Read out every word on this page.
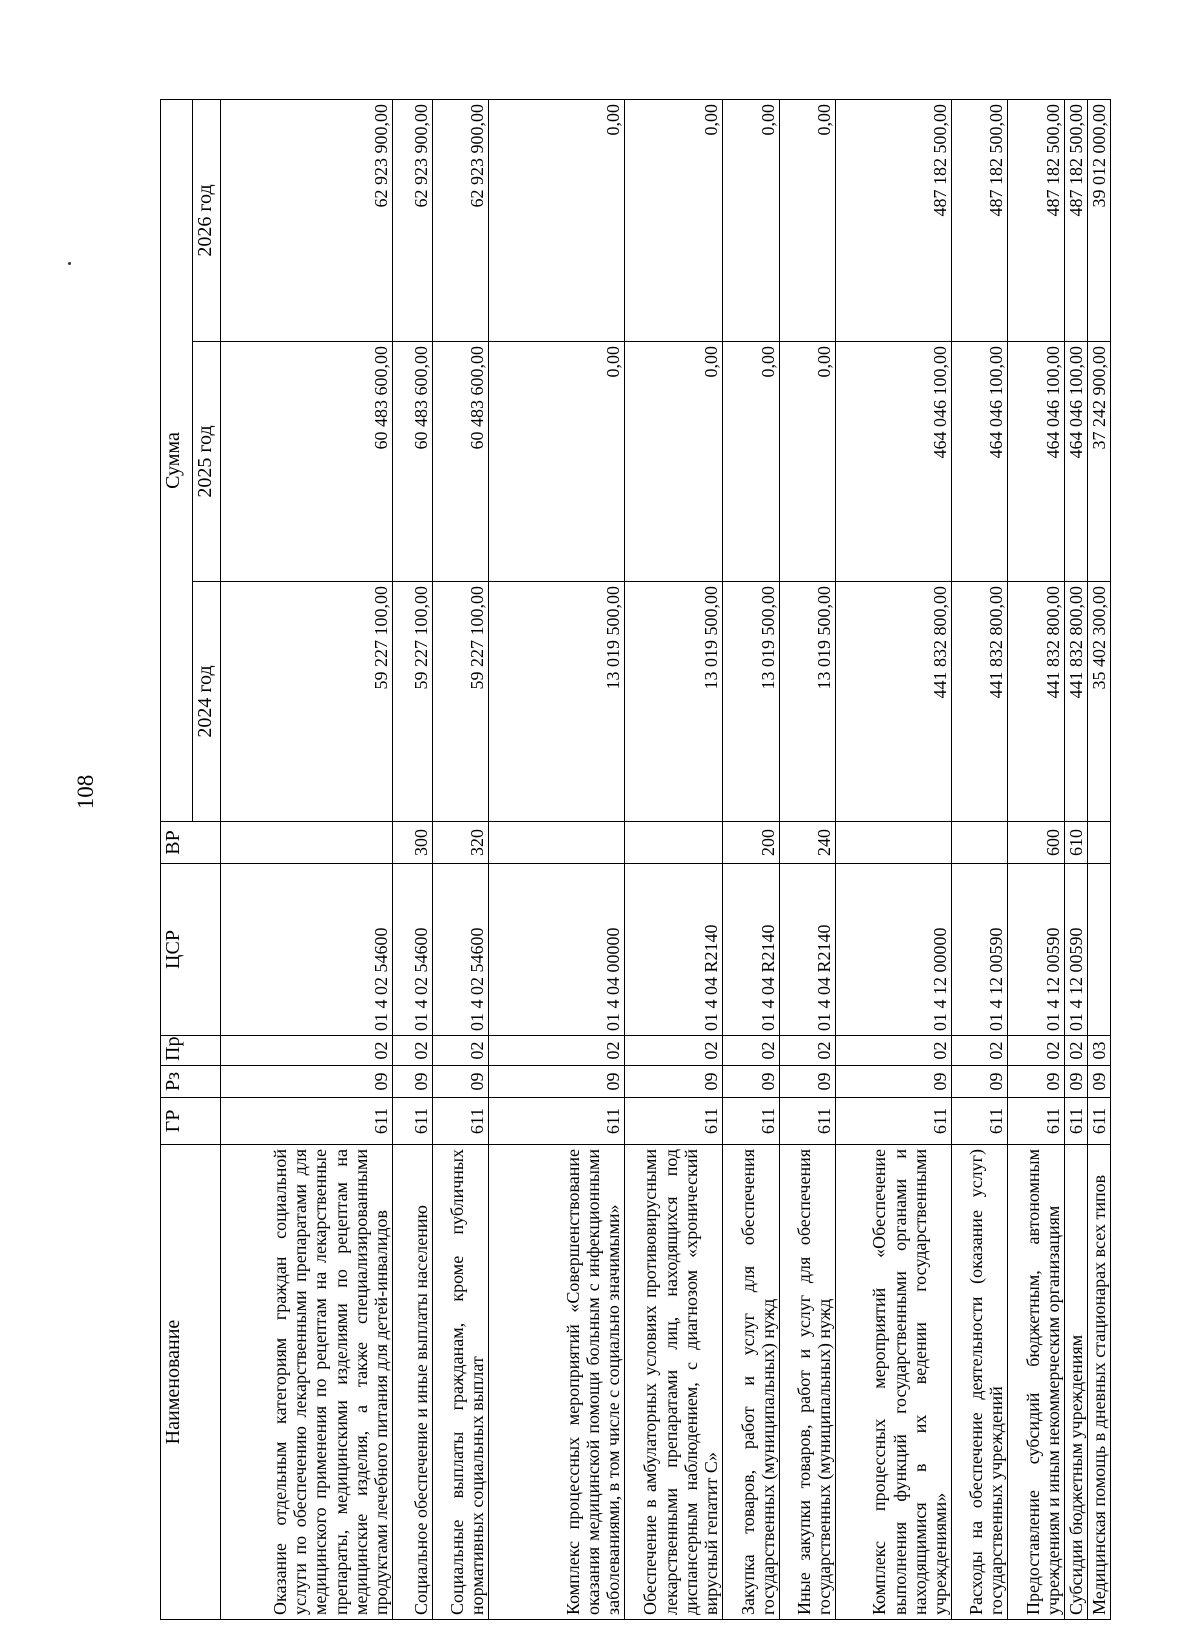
108
Наименование	ГР	Рз	Пр	ЦСР	ВР	Сумма		
						2024 год	2025 год	2026 год
Оказание отдельным категориям граждан социальной услуги по обеспечению лекарственными препаратами для медицинского применения по рецептам на лекарственные препараты, медицинскими изделиями по рецептам на медицинские изделия, а также специализированными продуктами лечебного питания для детей-инвалидов	611	09	02	01 4 02 54600		59 227 100,00	60 483 600,00	62 923 900,00
Социальное обеспечение и иные выплаты населению	611	09	02	01 4 02 54600	300	59 227 100,00	60 483 600,00	62 923 900,00
Социальные выплаты гражданам, кроме публичных нормативных социальных выплат	611	09	02	01 4 02 54600	320	59 227 100,00	60 483 600,00	62 923 900,00
Комплекс процессных мероприятий «Совершенствование оказания медицинской помощи больным с инфекционными заболеваниями, в том числе с социально значимыми»	611	09	02	01 4 04 00000		13 019 500,00	0,00	0,00
Обеспечение в амбулаторных условиях противовирусными лекарственными препаратами лиц, находящихся под диспансерным наблюдением, с диагнозом «хронический вирусный гепатит С»	611	09	02	01 4 04 R2140		13 019 500,00	0,00	0,00
Закупка товаров, работ и услуг для обеспечения государственных (муниципальных) нужд	611	09	02	01 4 04 R2140	200	13 019 500,00	0,00	0,00
Иные закупки товаров, работ и услуг для обеспечения государственных (муниципальных) нужд	611	09	02	01 4 04 R2140	240	13 019 500,00	0,00	0,00
Комплекс процессных мероприятий «Обеспечение выполнения функций государственными органами и находящимися в их ведении государственными учреждениями»	611	09	02	01 4 12 00000		441 832 800,00	464 046 100,00	487 182 500,00
Расходы на обеспечение деятельности (оказание услуг) государственных учреждений	611	09	02	01 4 12 00590		441 832 800,00	464 046 100,00	487 182 500,00
Предоставление субсидий бюджетным, автономным учреждениям и иным некоммерческим организациям	611	09	02	01 4 12 00590	600	441 832 800,00	464 046 100,00	487 182 500,00
Субсидии бюджетным учреждениям	611	09	02	01 4 12 00590	610	441 832 800,00	464 046 100,00	487 182 500,00
Медицинская помощь в дневных стационарах всех типов	611	09	03			35 402 300,00	37 242 900,00	39 012 000,00
